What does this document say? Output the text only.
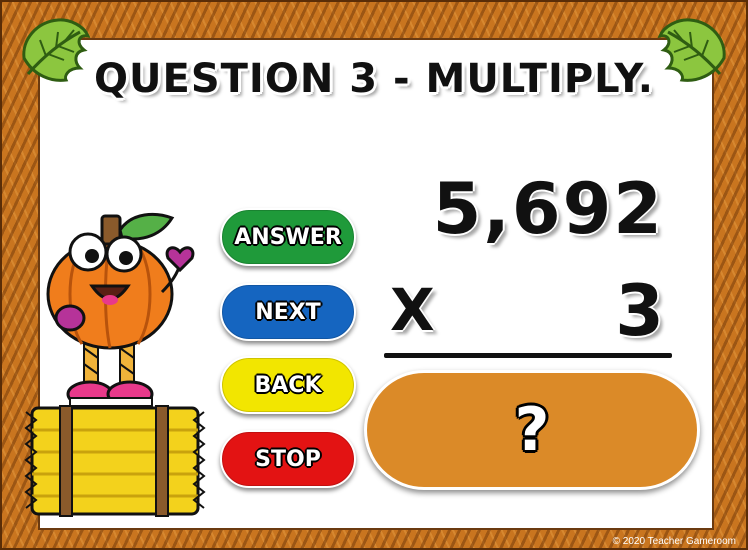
QUESTION 3 - MULTIPLY.
ANSWER
NEXT
BACK
STOP
5,692
X	3
?
© 2020 Teacher Gameroom
